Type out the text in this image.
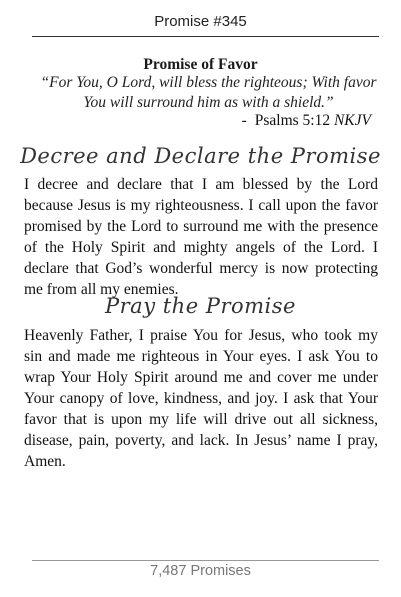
Promise #345
Promise of Favor
“For You, O Lord, will bless the righteous; With favor You will surround him as with a shield.”
- Psalms 5:12 NKJV
Decree and Declare the Promise
I decree and declare that I am blessed by the Lord because Jesus is my righteousness. I call upon the favor promised by the Lord to surround me with the presence of the Holy Spirit and mighty angels of the Lord. I declare that God’s wonderful mercy is now protecting me from all my enemies.
Pray the Promise
Heavenly Father, I praise You for Jesus, who took my sin and made me righteous in Your eyes. I ask You to wrap Your Holy Spirit around me and cover me under Your canopy of love, kindness, and joy. I ask that Your favor that is upon my life will drive out all sickness, disease, pain, poverty, and lack. In Jesus’ name I pray, Amen.
7,487 Promises
